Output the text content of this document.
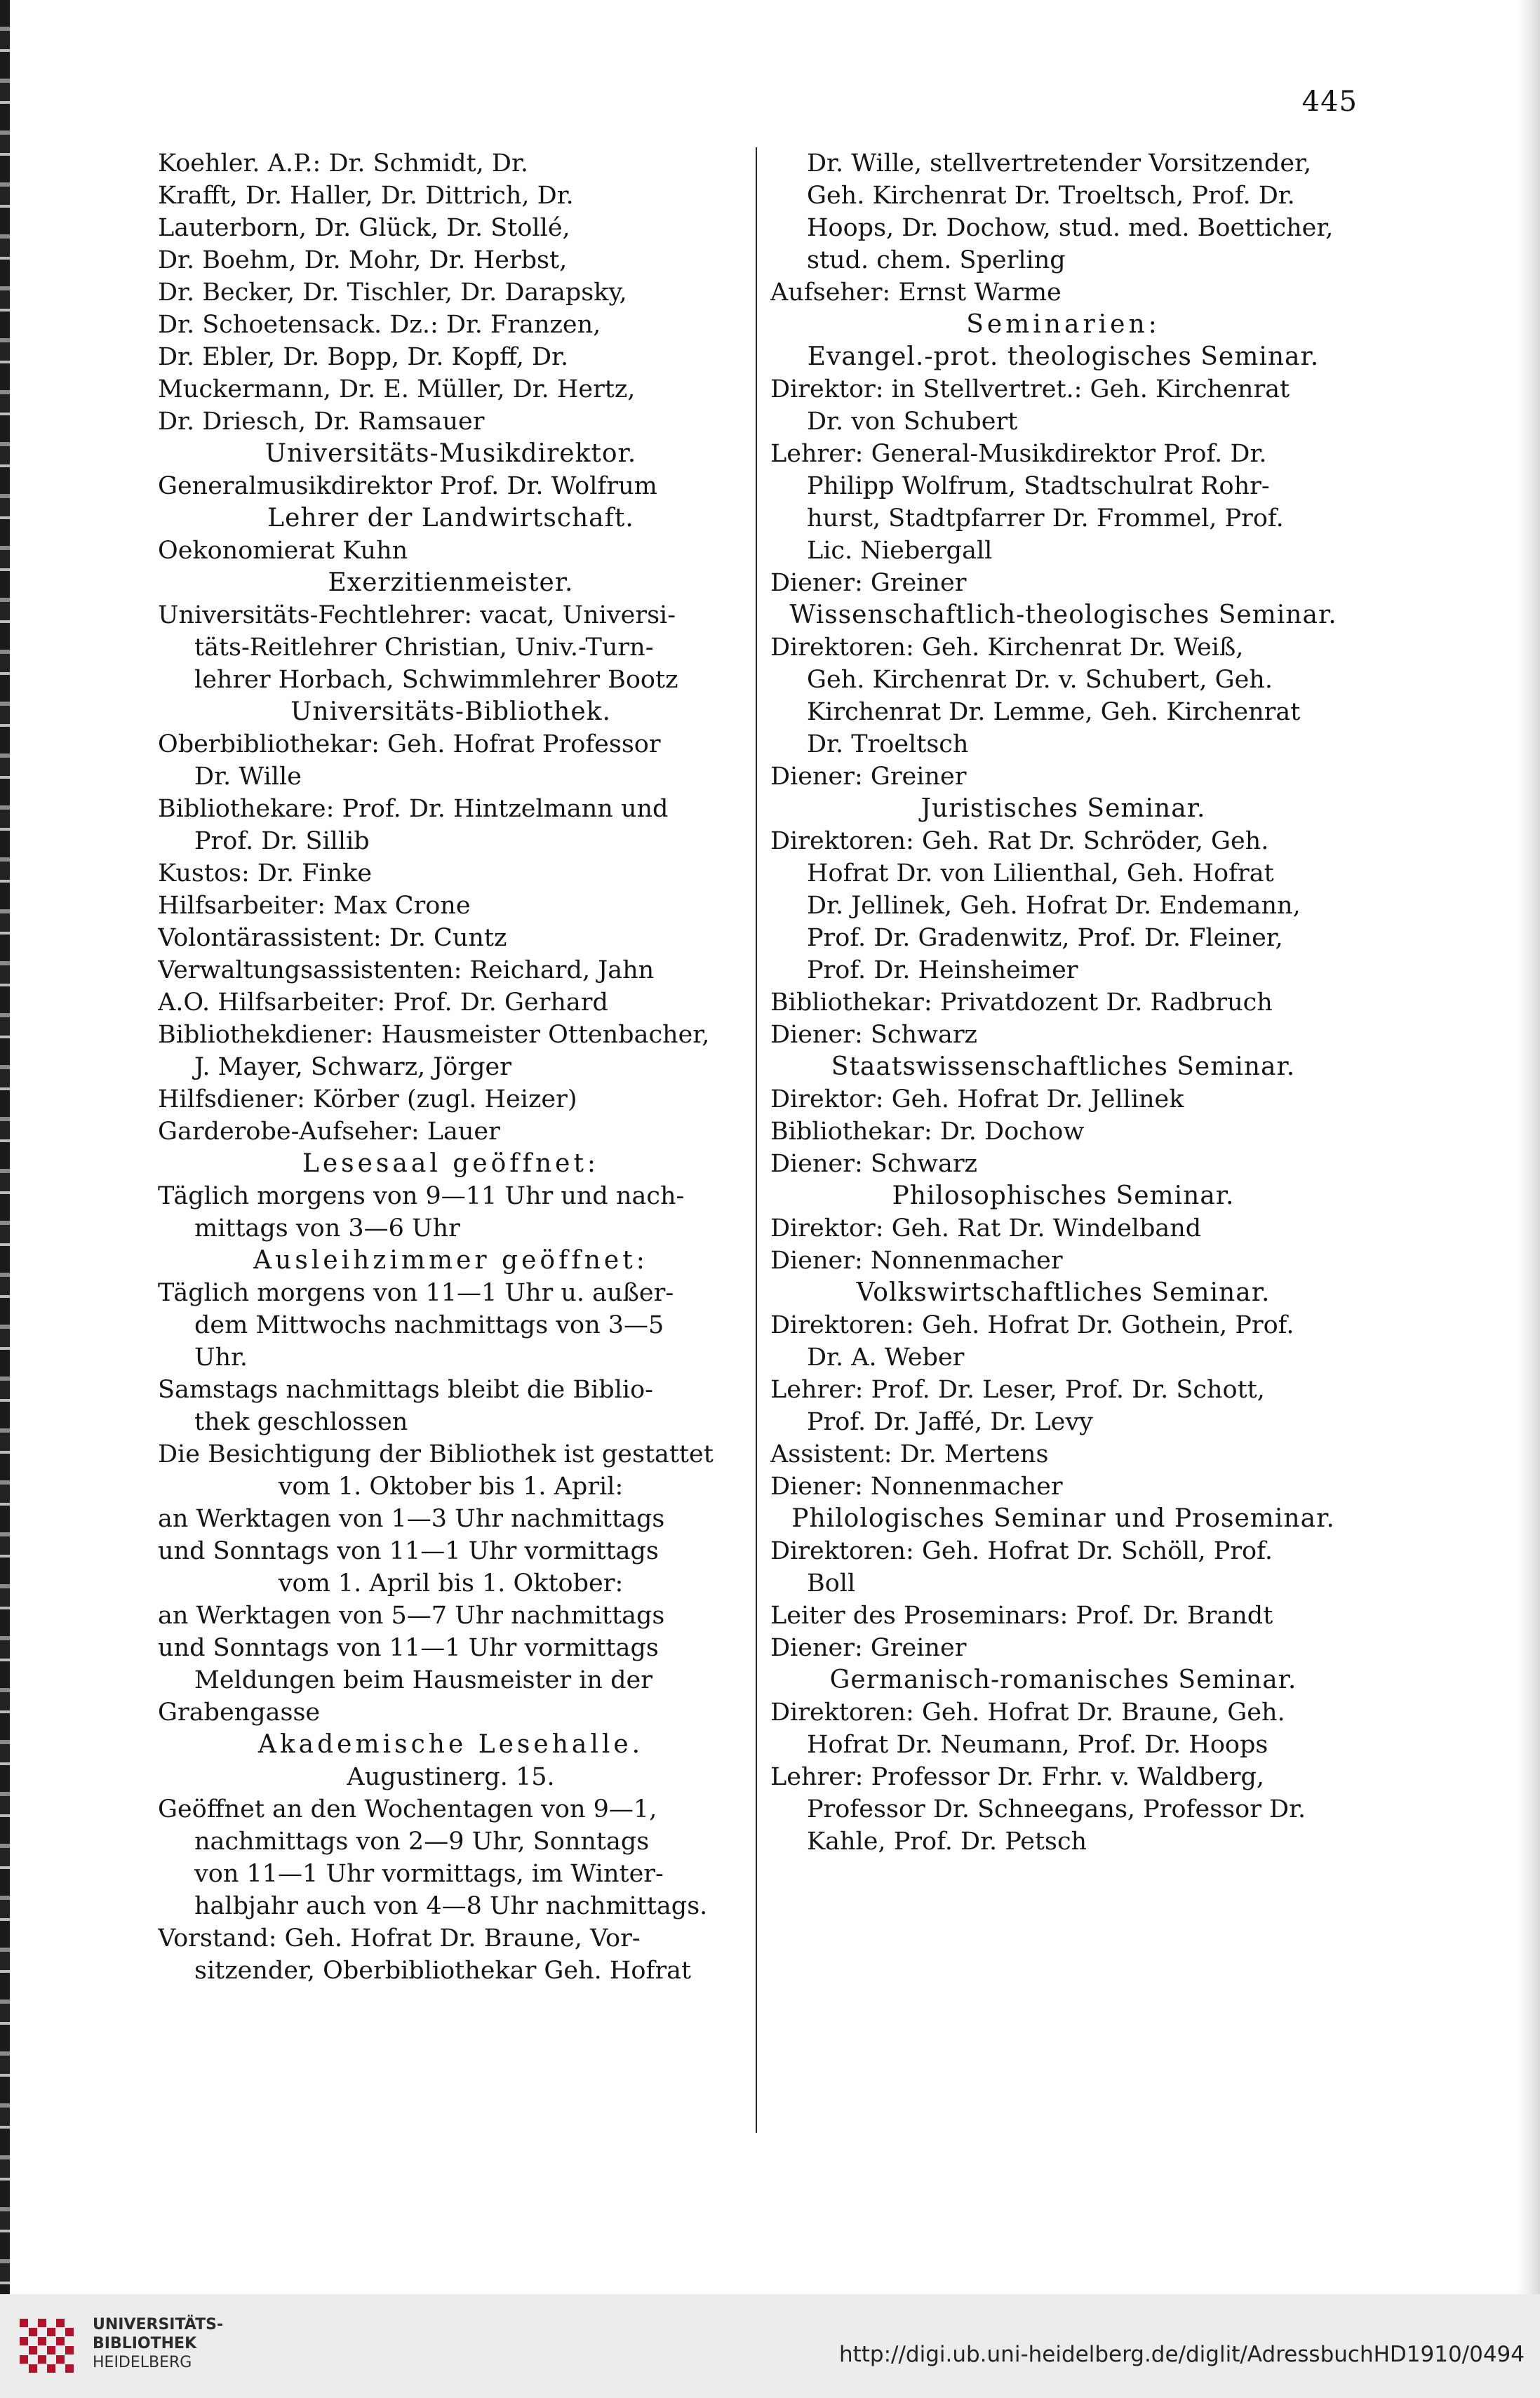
445
Koehler. A.P.: Dr. Schmidt, Dr.
Krafft, Dr. Haller, Dr. Dittrich, Dr.
Lauterborn, Dr. Glück, Dr. Stollé,
Dr. Boehm, Dr. Mohr, Dr. Herbst,
Dr. Becker, Dr. Tischler, Dr. Darapsky,
Dr. Schoetensack. Dz.: Dr. Franzen,
Dr. Ebler, Dr. Bopp, Dr. Kopff, Dr.
Muckermann, Dr. E. Müller, Dr. Hertz,
Dr. Driesch, Dr. Ramsauer
Universitäts-Musikdirektor.
Generalmusikdirektor Prof. Dr. Wolfrum
Lehrer der Landwirtschaft.
Oekonomierat Kuhn
Exerzitienmeister.
Universitäts-Fechtlehrer: vacat, Universi-
täts-Reitlehrer Christian, Univ.-Turn-
lehrer Horbach, Schwimmlehrer Bootz
Universitäts-Bibliothek.
Oberbibliothekar: Geh. Hofrat Professor
Dr. Wille
Bibliothekare: Prof. Dr. Hintzelmann und
Prof. Dr. Sillib
Kustos: Dr. Finke
Hilfsarbeiter: Max Crone
Volontärassistent: Dr. Cuntz
Verwaltungsassistenten: Reichard, Jahn
A.O. Hilfsarbeiter: Prof. Dr. Gerhard
Bibliothekdiener: Hausmeister Ottenbacher,
J. Mayer, Schwarz, Jörger
Hilfsdiener: Körber (zugl. Heizer)
Garderobe-Aufseher: Lauer
Lesesaal geöffnet:
Täglich morgens von 9—11 Uhr und nach-
mittags von 3—6 Uhr
Ausleihzimmer geöffnet:
Täglich morgens von 11—1 Uhr u. außer-
dem Mittwochs nachmittags von 3—5
Uhr.
Samstags nachmittags bleibt die Biblio-
thek geschlossen
Die Besichtigung der Bibliothek ist gestattet
vom 1. Oktober bis 1. April:
an Werktagen von 1—3 Uhr nachmittags
und Sonntags von 11—1 Uhr vormittags
vom 1. April bis 1. Oktober:
an Werktagen von 5—7 Uhr nachmittags
und Sonntags von 11—1 Uhr vormittags
Meldungen beim Hausmeister in der
Grabengasse
Akademische Lesehalle.
Augustinerg. 15.
Geöffnet an den Wochentagen von 9—1,
nachmittags von 2—9 Uhr, Sonntags
von 11—1 Uhr vormittags, im Winter-
halbjahr auch von 4—8 Uhr nachmittags.
Vorstand: Geh. Hofrat Dr. Braune, Vor-
sitzender, Oberbibliothekar Geh. Hofrat
Dr. Wille, stellvertretender Vorsitzender,
Geh. Kirchenrat Dr. Troeltsch, Prof. Dr.
Hoops, Dr. Dochow, stud. med. Boetticher,
stud. chem. Sperling
Aufseher: Ernst Warme
Seminarien:
Evangel.-prot. theologisches Seminar.
Direktor: in Stellvertret.: Geh. Kirchenrat
Dr. von Schubert
Lehrer: General-Musikdirektor Prof. Dr.
Philipp Wolfrum, Stadtschulrat Rohr-
hurst, Stadtpfarrer Dr. Frommel, Prof.
Lic. Niebergall
Diener: Greiner
Wissenschaftlich-theologisches Seminar.
Direktoren: Geh. Kirchenrat Dr. Weiß,
Geh. Kirchenrat Dr. v. Schubert, Geh.
Kirchenrat Dr. Lemme, Geh. Kirchenrat
Dr. Troeltsch
Diener: Greiner
Juristisches Seminar.
Direktoren: Geh. Rat Dr. Schröder, Geh.
Hofrat Dr. von Lilienthal, Geh. Hofrat
Dr. Jellinek, Geh. Hofrat Dr. Endemann,
Prof. Dr. Gradenwitz, Prof. Dr. Fleiner,
Prof. Dr. Heinsheimer
Bibliothekar: Privatdozent Dr. Radbruch
Diener: Schwarz
Staatswissenschaftliches Seminar.
Direktor: Geh. Hofrat Dr. Jellinek
Bibliothekar: Dr. Dochow
Diener: Schwarz
Philosophisches Seminar.
Direktor: Geh. Rat Dr. Windelband
Diener: Nonnenmacher
Volkswirtschaftliches Seminar.
Direktoren: Geh. Hofrat Dr. Gothein, Prof.
Dr. A. Weber
Lehrer: Prof. Dr. Leser, Prof. Dr. Schott,
Prof. Dr. Jaffé, Dr. Levy
Assistent: Dr. Mertens
Diener: Nonnenmacher
Philologisches Seminar und Proseminar.
Direktoren: Geh. Hofrat Dr. Schöll, Prof.
Boll
Leiter des Proseminars: Prof. Dr. Brandt
Diener: Greiner
Germanisch-romanisches Seminar.
Direktoren: Geh. Hofrat Dr. Braune, Geh.
Hofrat Dr. Neumann, Prof. Dr. Hoops
Lehrer: Professor Dr. Frhr. v. Waldberg,
Professor Dr. Schneegans, Professor Dr.
Kahle, Prof. Dr. Petsch
UNIVERSITÄTS-
BIBLIOTHEK
HEIDELBERG	http://digi.ub.uni-heidelberg.de/diglit/AdressbuchHD1910/0494
